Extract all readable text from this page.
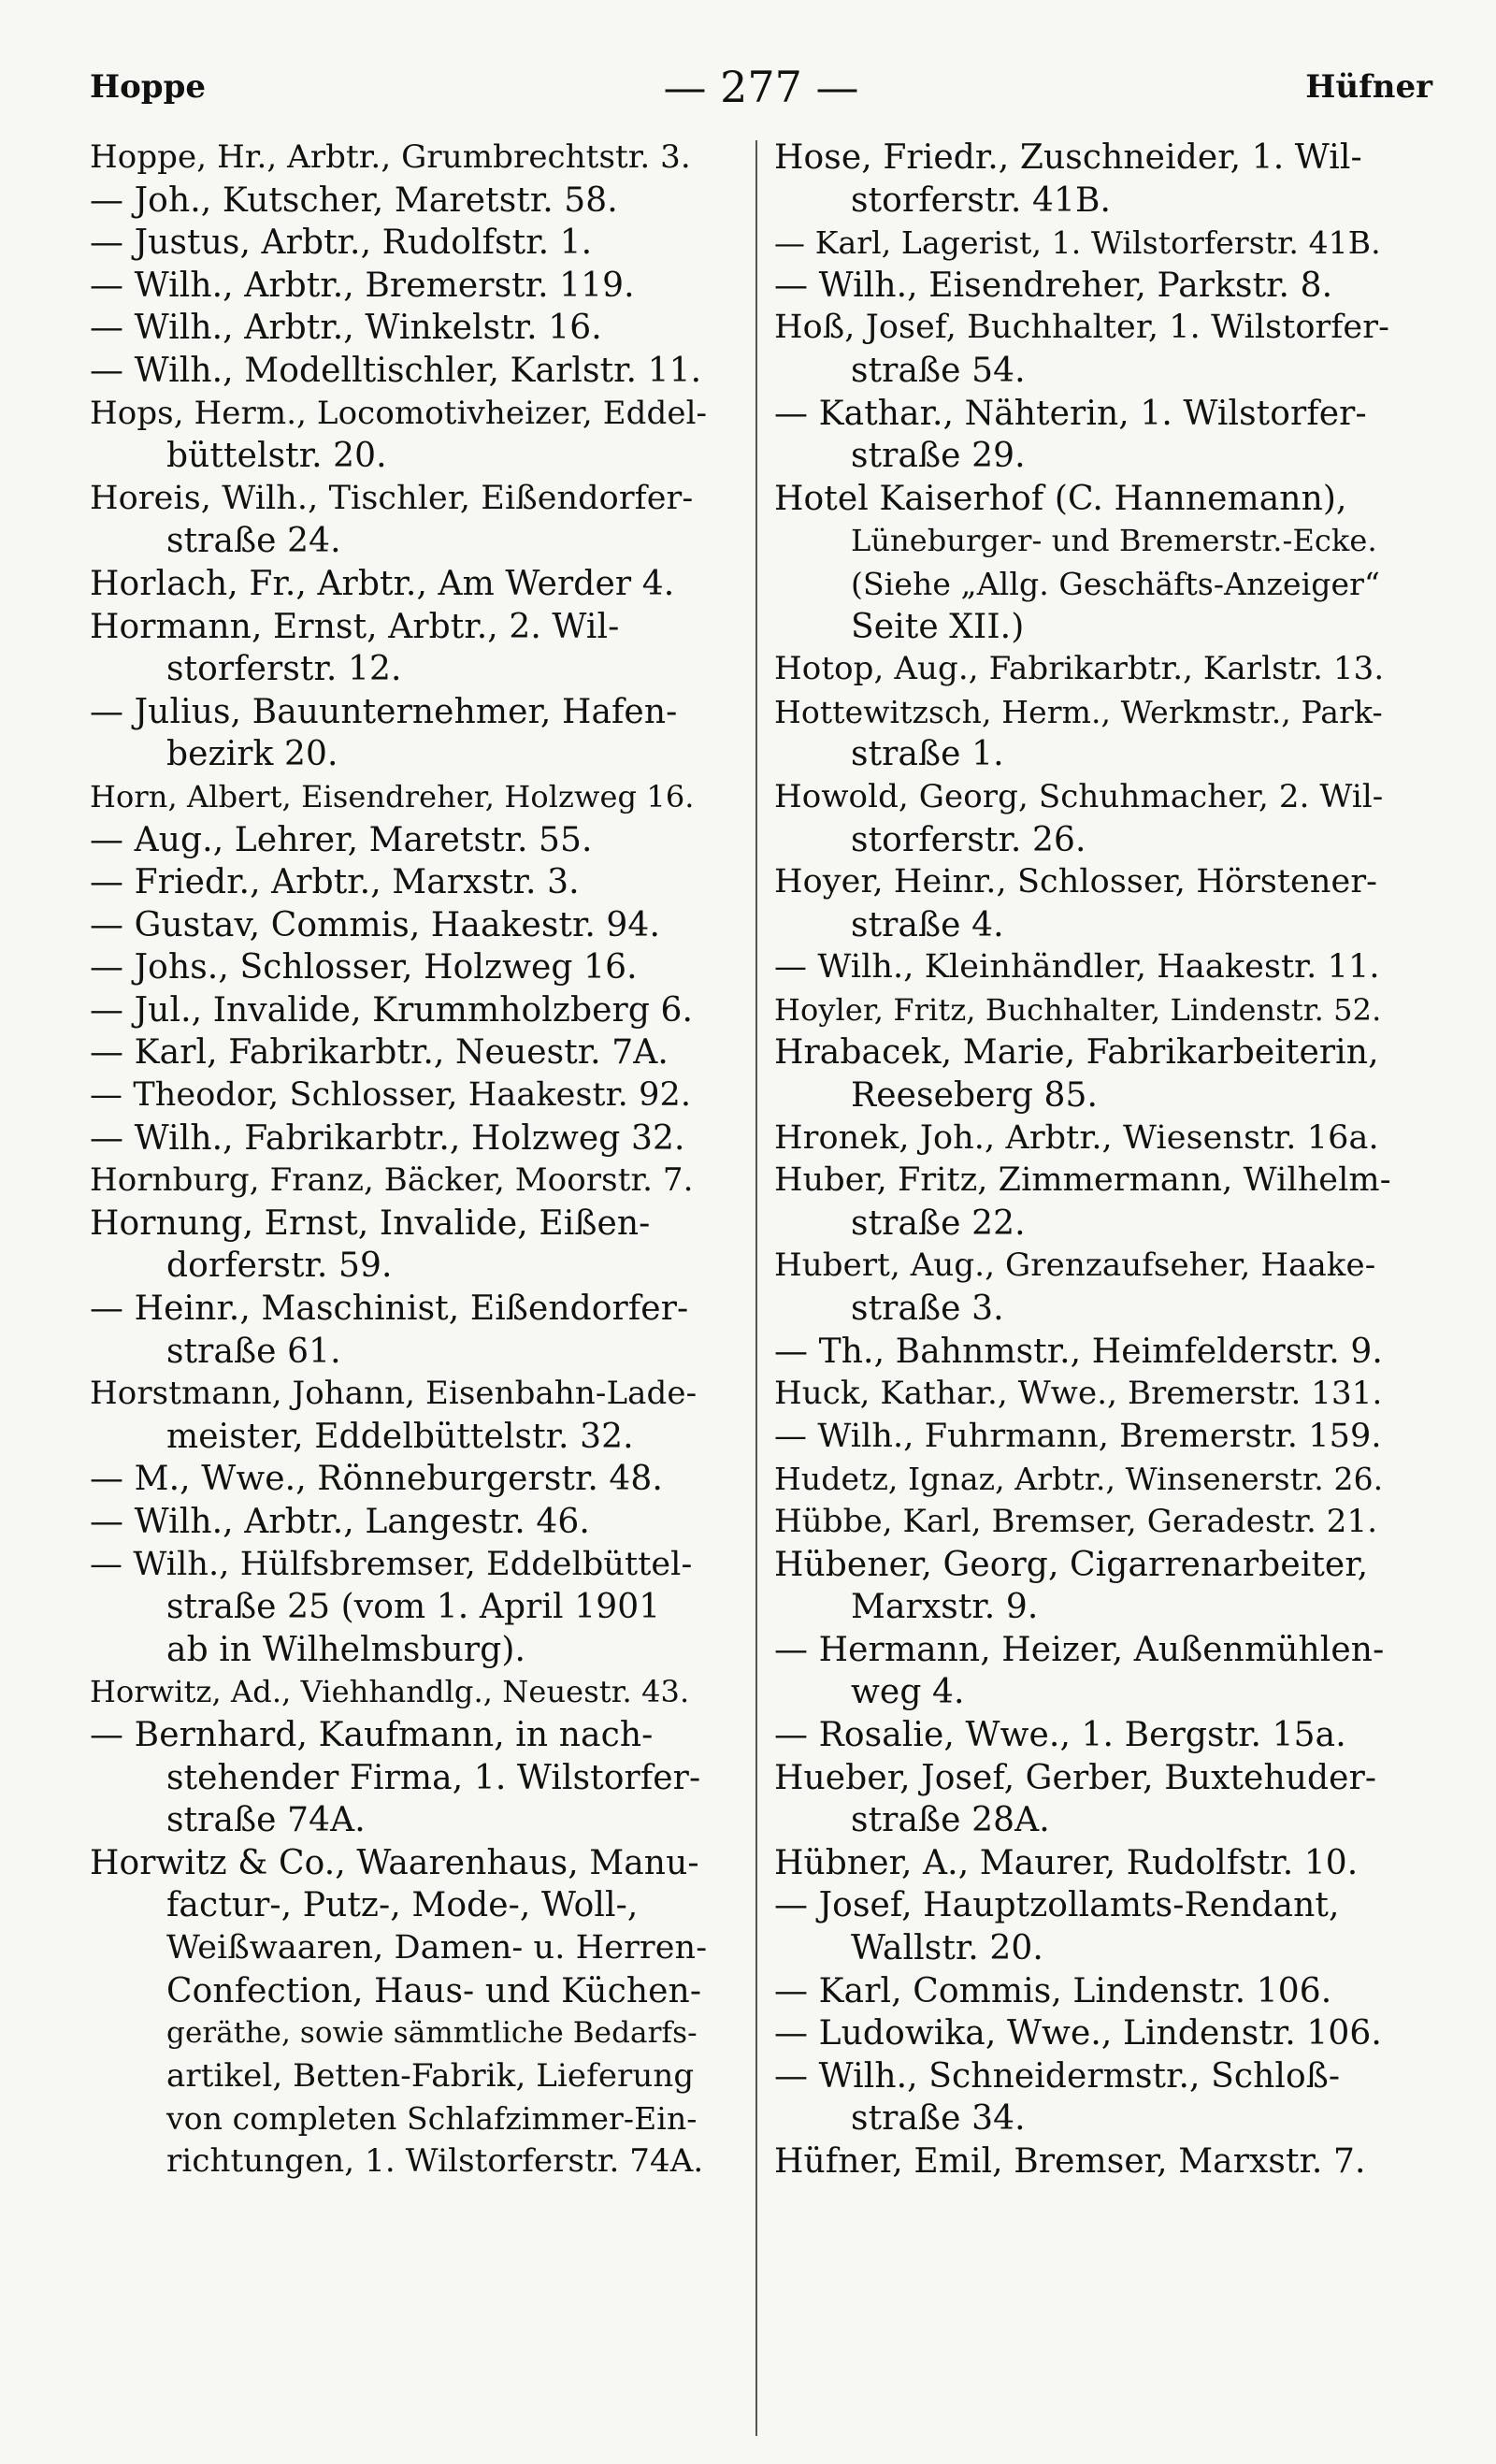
Hoppe	— 277 —	Hüfner
Hoppe, Hr., Arbtr., Grumbrechtstr. 3.
— Joh., Kutscher, Maretstr. 58.
— Justus, Arbtr., Rudolfstr. 1.
— Wilh., Arbtr., Bremerstr. 119.
— Wilh., Arbtr., Winkelstr. 16.
— Wilh., Modelltischler, Karlstr. 11.
Hops, Herm., Locomotivheizer, Eddel-
büttelstr. 20.
Horeis, Wilh., Tischler, Eißendorfer-
straße 24.
Horlach, Fr., Arbtr., Am Werder 4.
Hormann, Ernst, Arbtr., 2. Wil-
storferstr. 12.
— Julius, Bauunternehmer, Hafen-
bezirk 20.
Horn, Albert, Eisendreher, Holzweg 16.
— Aug., Lehrer, Maretstr. 55.
— Friedr., Arbtr., Marxstr. 3.
— Gustav, Commis, Haakestr. 94.
— Johs., Schlosser, Holzweg 16.
— Jul., Invalide, Krummholzberg 6.
— Karl, Fabrikarbtr., Neuestr. 7A.
— Theodor, Schlosser, Haakestr. 92.
— Wilh., Fabrikarbtr., Holzweg 32.
Hornburg, Franz, Bäcker, Moorstr. 7.
Hornung, Ernst, Invalide, Eißen-
dorferstr. 59.
— Heinr., Maschinist, Eißendorfer-
straße 61.
Horstmann, Johann, Eisenbahn-Lade-
meister, Eddelbüttelstr. 32.
— M., Wwe., Rönneburgerstr. 48.
— Wilh., Arbtr., Langestr. 46.
— Wilh., Hülfsbremser, Eddelbüttel-
straße 25 (vom 1. April 1901
ab in Wilhelmsburg).
Horwitz, Ad., Viehhandlg., Neuestr. 43.
— Bernhard, Kaufmann, in nach-
stehender Firma, 1. Wilstorfer-
straße 74A.
Horwitz & Co., Waarenhaus, Manu-
factur-, Putz-, Mode-, Woll-,
Weißwaaren, Damen- u. Herren-
Confection, Haus- und Küchen-
geräthe, sowie sämmtliche Bedarfs-
artikel, Betten-Fabrik, Lieferung
von completen Schlafzimmer-Ein-
richtungen, 1. Wilstorferstr. 74A.
Hose, Friedr., Zuschneider, 1. Wil-
storferstr. 41B.
— Karl, Lagerist, 1. Wilstorferstr. 41B.
— Wilh., Eisendreher, Parkstr. 8.
Hoß, Josef, Buchhalter, 1. Wilstorfer-
straße 54.
— Kathar., Nähterin, 1. Wilstorfer-
straße 29.
Hotel Kaiserhof (C. Hannemann),
Lüneburger- und Bremerstr.-Ecke.
(Siehe „Allg. Geschäfts-Anzeiger“
Seite XII.)
Hotop, Aug., Fabrikarbtr., Karlstr. 13.
Hottewitzsch, Herm., Werkmstr., Park-
straße 1.
Howold, Georg, Schuhmacher, 2. Wil-
storferstr. 26.
Hoyer, Heinr., Schlosser, Hörstener-
straße 4.
— Wilh., Kleinhändler, Haakestr. 11.
Hoyler, Fritz, Buchhalter, Lindenstr. 52.
Hrabacek, Marie, Fabrikarbeiterin,
Reeseberg 85.
Hronek, Joh., Arbtr., Wiesenstr. 16a.
Huber, Fritz, Zimmermann, Wilhelm-
straße 22.
Hubert, Aug., Grenzaufseher, Haake-
straße 3.
— Th., Bahnmstr., Heimfelderstr. 9.
Huck, Kathar., Wwe., Bremerstr. 131.
— Wilh., Fuhrmann, Bremerstr. 159.
Hudetz, Ignaz, Arbtr., Winsenerstr. 26.
Hübbe, Karl, Bremser, Geradestr. 21.
Hübener, Georg, Cigarrenarbeiter,
Marxstr. 9.
— Hermann, Heizer, Außenmühlen-
weg 4.
— Rosalie, Wwe., 1. Bergstr. 15a.
Hueber, Josef, Gerber, Buxtehuder-
straße 28A.
Hübner, A., Maurer, Rudolfstr. 10.
— Josef, Hauptzollamts-Rendant,
Wallstr. 20.
— Karl, Commis, Lindenstr. 106.
— Ludowika, Wwe., Lindenstr. 106.
— Wilh., Schneidermstr., Schloß-
straße 34.
Hüfner, Emil, Bremser, Marxstr. 7.
